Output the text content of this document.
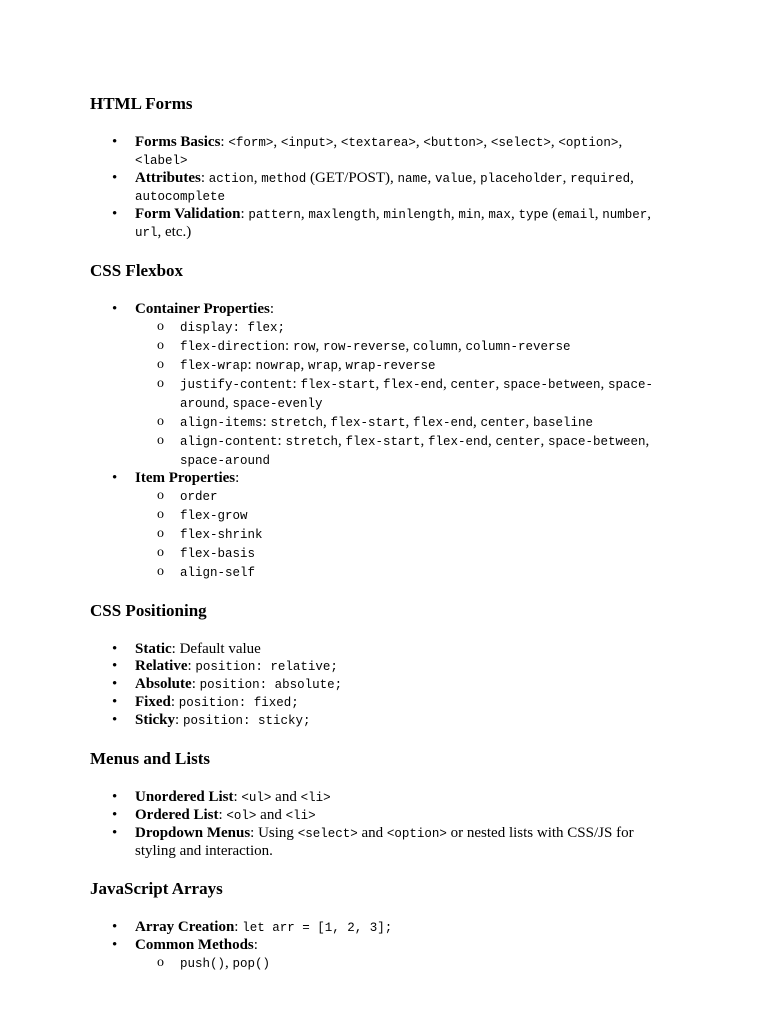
HTML Forms
• Forms Basics: <form>, <input>, <textarea>, <button>, <select>, <option>, <label>
• Attributes: action, method (GET/POST), name, value, placeholder, required, autocomplete
• Form Validation: pattern, maxlength, minlength, min, max, type (email, number, url, etc.)
CSS Flexbox
• Container Properties:
o display: flex;
o flex-direction: row, row-reverse, column, column-reverse
o flex-wrap: nowrap, wrap, wrap-reverse
o justify-content: flex-start, flex-end, center, space-between, space-around, space-evenly
o align-items: stretch, flex-start, flex-end, center, baseline
o align-content: stretch, flex-start, flex-end, center, space-between, space-around
• Item Properties:
o order
o flex-grow
o flex-shrink
o flex-basis
o align-self
CSS Positioning
• Static: Default value
• Relative: position: relative;
• Absolute: position: absolute;
• Fixed: position: fixed;
• Sticky: position: sticky;
Menus and Lists
• Unordered List: <ul> and <li>
• Ordered List: <ol> and <li>
• Dropdown Menus: Using <select> and <option> or nested lists with CSS/JS for styling and interaction.
JavaScript Arrays
• Array Creation: let arr = [1, 2, 3];
• Common Methods:
o push(), pop()
